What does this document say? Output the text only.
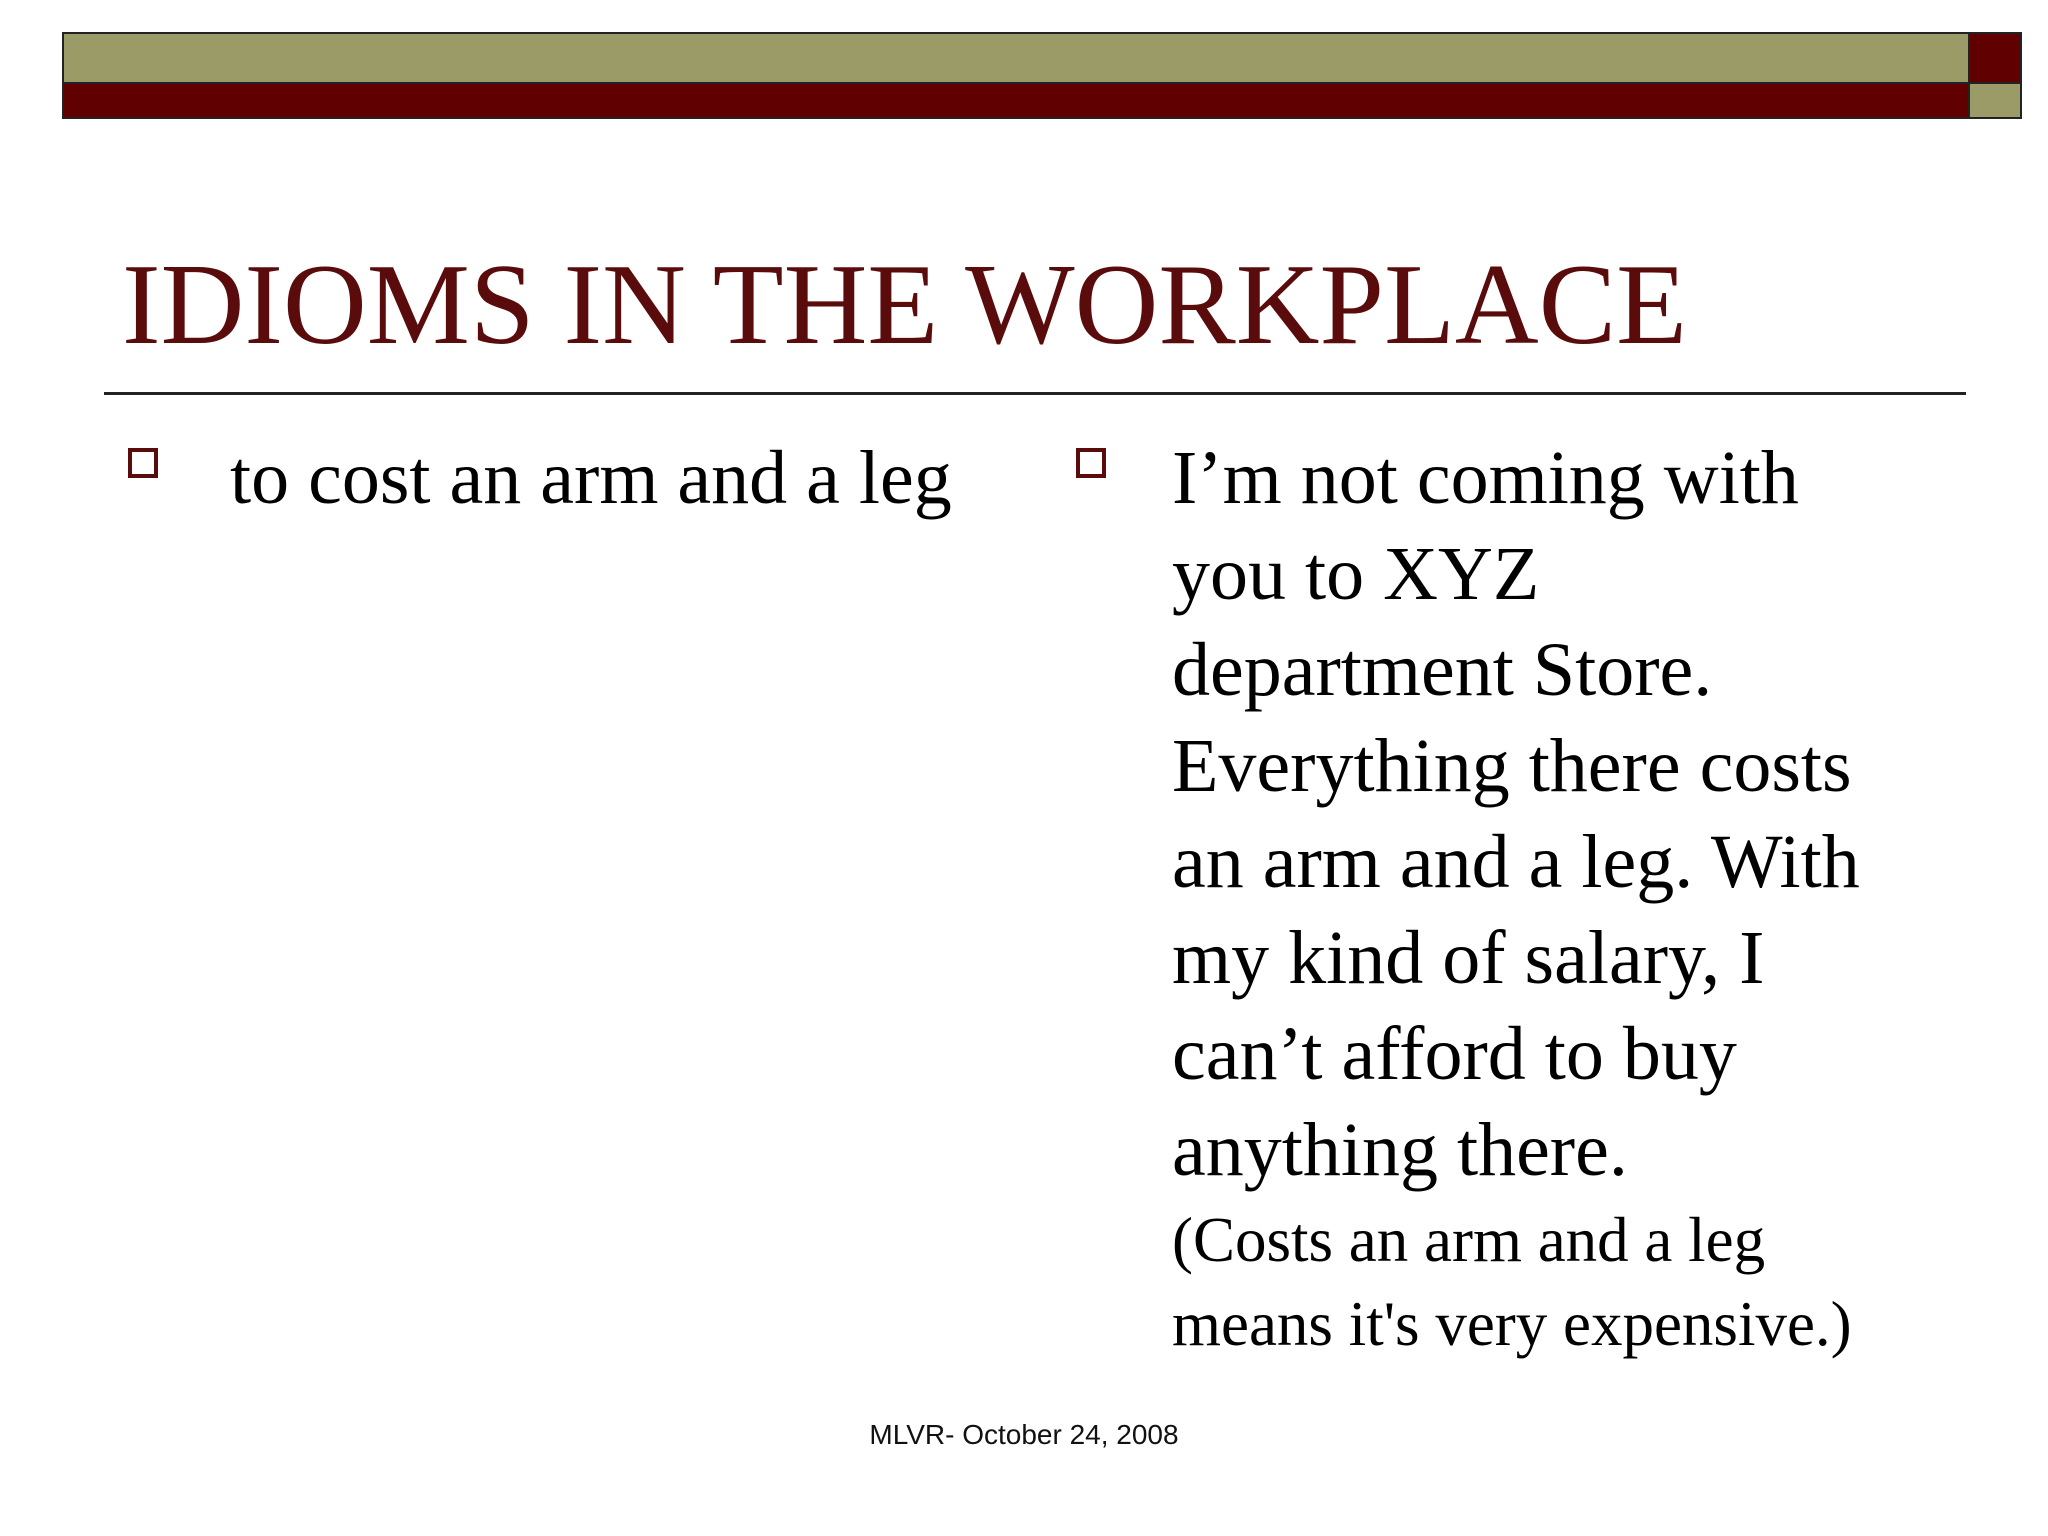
IDIOMS IN THE WORKPLACE
to cost an arm and a leg	I’m not coming with
you to XYZ
department Store.
Everything there costs
an arm and a leg. With
my kind of salary, I
can’t afford to buy
anything there.
(Costs an arm and a leg
means it's very expensive.)
MLVR- October 24, 2008
